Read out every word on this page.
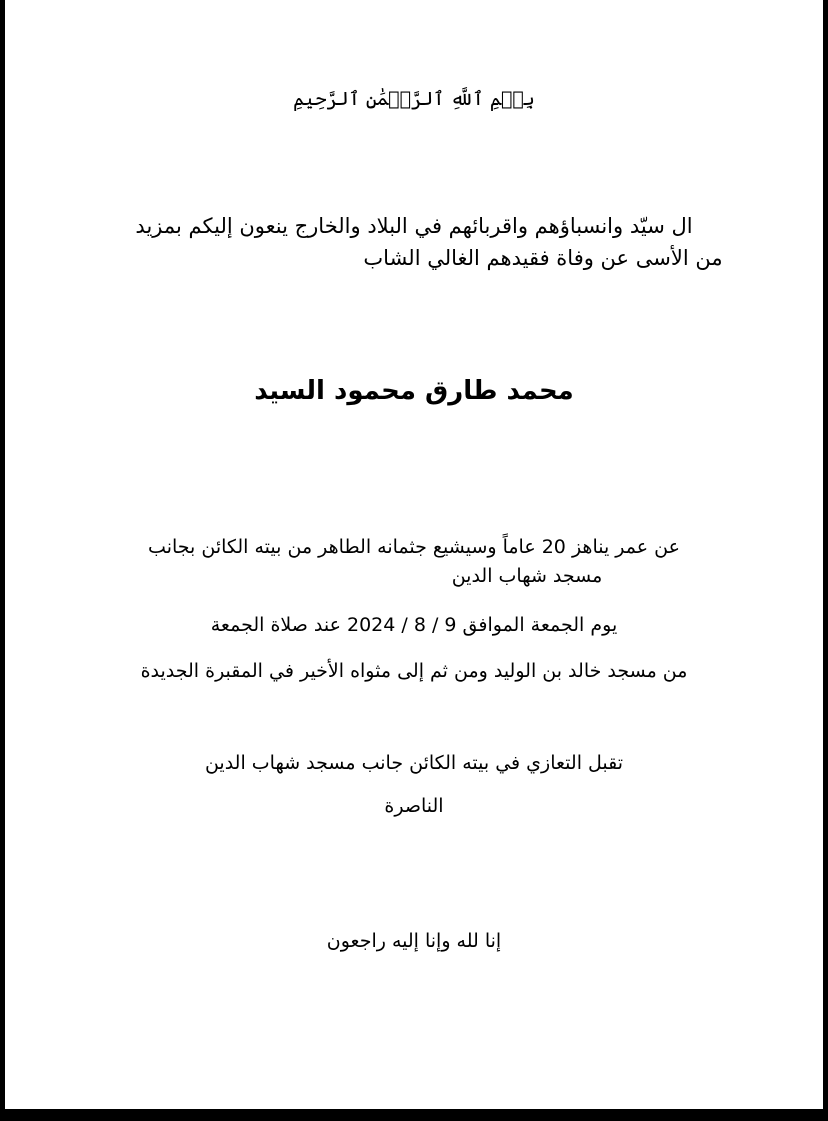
بِسۡمِ ٱللَّهِ ٱلرَّحۡمَٰنِ ٱلرَّحِيمِ
ال سيّد وانسباؤهم واقربائهم في البلاد والخارج ينعون إليكم بمزيد
من الأسى عن وفاة فقيدهم الغالي الشاب
محمد طارق محمود السيد
عن عمر يناهز 20 عاماً وسيشيع جثمانه الطاهر من بيته الكائن بجانب
مسجد شهاب الدين
يوم الجمعة الموافق 9 / 8 / 2024 عند صلاة الجمعة
من مسجد خالد بن الوليد ومن ثم إلى مثواه الأخير في المقبرة الجديدة
تقبل التعازي في بيته الكائن جانب مسجد شهاب الدين
الناصرة
إنا لله وإنا إليه راجعون
